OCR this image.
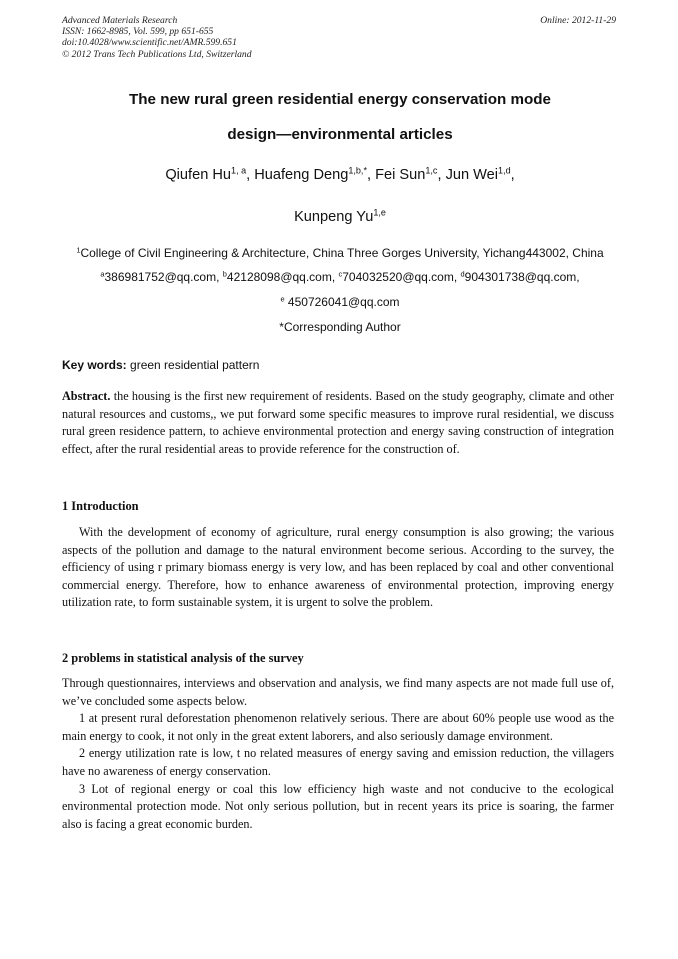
Advanced Materials Research
ISSN: 1662-8985, Vol. 599, pp 651-655
doi:10.4028/www.scientific.net/AMR.599.651
© 2012 Trans Tech Publications Ltd, Switzerland
Online: 2012-11-29
The new rural green residential energy conservation mode
design—environmental articles
Qiufen Hu$^{1, a}$, Huafeng Deng$^{1,b,*}$, Fei Sun$^{1,c}$, Jun Wei$^{1,d}$,
Kunpeng Yu$^{1,e}$
$^1$College of Civil Engineering & Architecture, China Three Gorges University, Yichang443002, China
$^a$386981752@qq.com, $^b$42128098@qq.com, $^c$704032520@qq.com, $^d$904301738@qq.com,
$^e$ 450726041@qq.com
*Corresponding Author
Key words: green residential pattern
Abstract. the housing is the first new requirement of residents. Based on the study geography, climate and other natural resources and customs,, we put forward some specific measures to improve rural residential, we discuss rural green residence pattern, to achieve environmental protection and energy saving construction of integration effect, after the rural residential areas to provide reference for the construction of.
1 Introduction
With the development of economy of agriculture, rural energy consumption is also growing; the various aspects of the pollution and damage to the natural environment become serious. According to the survey, the efficiency of using r primary biomass energy is very low, and has been replaced by coal and other conventional commercial energy. Therefore, how to enhance awareness of environmental protection, improving energy utilization rate, to form sustainable system, it is urgent to solve the problem.
2 problems in statistical analysis of the survey
Through questionnaires, interviews and observation and analysis, we find many aspects are not made full use of, we’ve concluded some aspects below.
1 at present rural deforestation phenomenon relatively serious. There are about 60% people use wood as the main energy to cook, it not only in the great extent laborers, and also seriously damage environment.
2 energy utilization rate is low, t no related measures of energy saving and emission reduction, the villagers have no awareness of energy conservation.
3 Lot of regional energy or coal this low efficiency high waste and not conducive to the ecological environmental protection mode. Not only serious pollution, but in recent years its price is soaring, the farmer also is facing a great economic burden.
